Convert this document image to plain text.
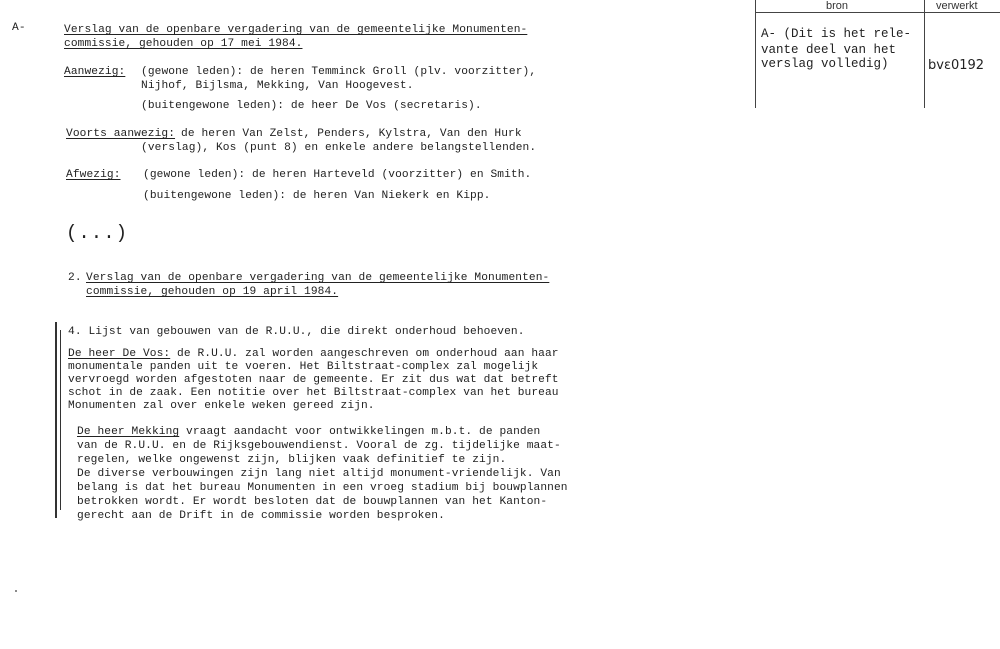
A-	Verslag van de openbare vergadering van de gemeentelijke Monumenten-
commissie, gehouden op 17 mei 1984.
Aanwezig: (gewone leden): de heren Temminck Groll (plv. voorzitter),
Nijhof, Bijlsma, Mekking, Van Hoogevest.
(buitengewone leden): de heer De Vos (secretaris).
Voorts aanwezig: de heren Van Zelst, Penders, Kylstra, Van den Hurk
(verslag), Kos (punt 8) en enkele andere belangstellenden.
Afwezig: (gewone leden): de heren Harteveld (voorzitter) en Smith.
(buitengewone leden): de heren Van Niekerk en Kipp.
(...)
2. Verslag van de openbare vergadering van de gemeentelijke Monumenten-
commissie, gehouden op 19 april 1984.
4. Lijst van gebouwen van de R.U.U., die direkt onderhoud behoeven.
De heer De Vos: de R.U.U. zal worden aangeschreven om onderhoud aan haar
monumentale panden uit te voeren. Het Biltstraat-complex zal mogelijk
vervroegd worden afgestoten naar de gemeente. Er zit dus wat dat betreft
schot in de zaak. Een notitie over het Biltstraat-complex van het bureau
Monumenten zal over enkele weken gereed zijn.
De heer Mekking vraagt aandacht voor ontwikkelingen m.b.t. de panden
van de R.U.U. en de Rijksgebouwendienst. Vooral de zg. tijdelijke maat-
regelen, welke ongewenst zijn, blijken vaak definitief te zijn.
De diverse verbouwingen zijn lang niet altijd monument-vriendelijk. Van
belang is dat het bureau Monumenten in een vroeg stadium bij bouwplannen
betrokken wordt. Er wordt besloten dat de bouwplannen van het Kanton-
gerecht aan de Drift in de commissie worden besproken.
bron	verwerkt
A- (Dit is het rele-
vante deel van het
verslag volledig)	bvε0192
